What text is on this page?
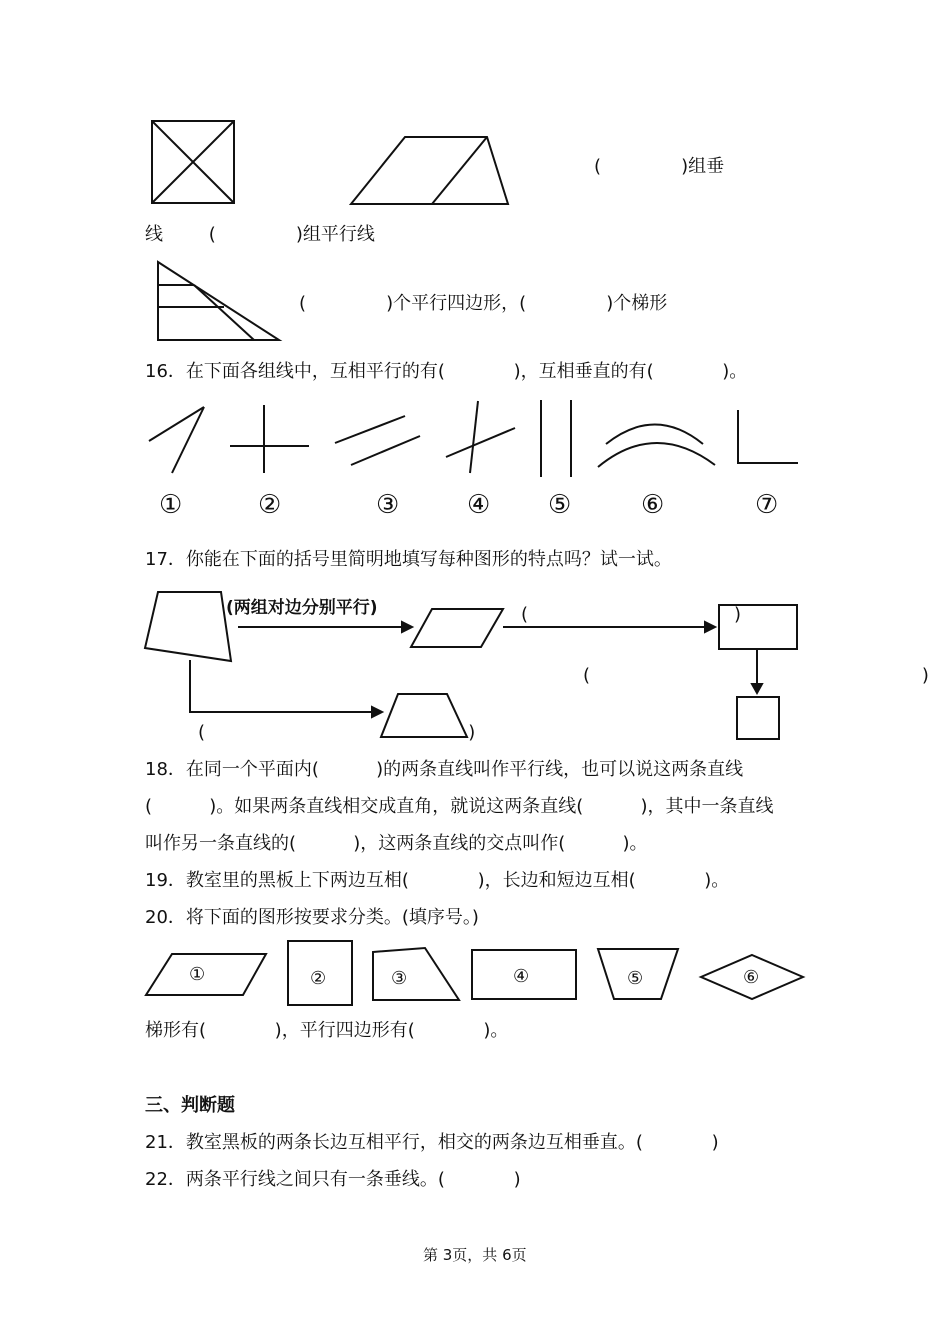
(              )组垂
线        (              )组平行线
(              )个平行四边形，(              )个梯形
16．在下面各组线中，互相平行的有(            )，互相垂直的有(            )。
①	②	③	④ ⑤	⑥	⑦
17．你能在下面的括号里简明地填写每种图形的特点吗？试一试。
(两组对边分别平行)	(                                    )
(                                                          )
(                                              )
18．在同一个平面内(          )的两条直线叫作平行线，也可以说这两条直线
(          )。如果两条直线相交成直角，就说这两条直线(          )，其中一条直线
叫作另一条直线的(          )，这两条直线的交点叫作(          )。
19．教室里的黑板上下两边互相(            )，长边和短边互相(            )。
20．将下面的图形按要求分类。(填序号。)
①	②	③	④	⑤	⑥
梯形有(            )，平行四边形有(            )。
三、判断题
21．教室黑板的两条长边互相平行，相交的两条边互相垂直。(            )
22．两条平行线之间只有一条垂线。(            )
第 3页，共 6页
